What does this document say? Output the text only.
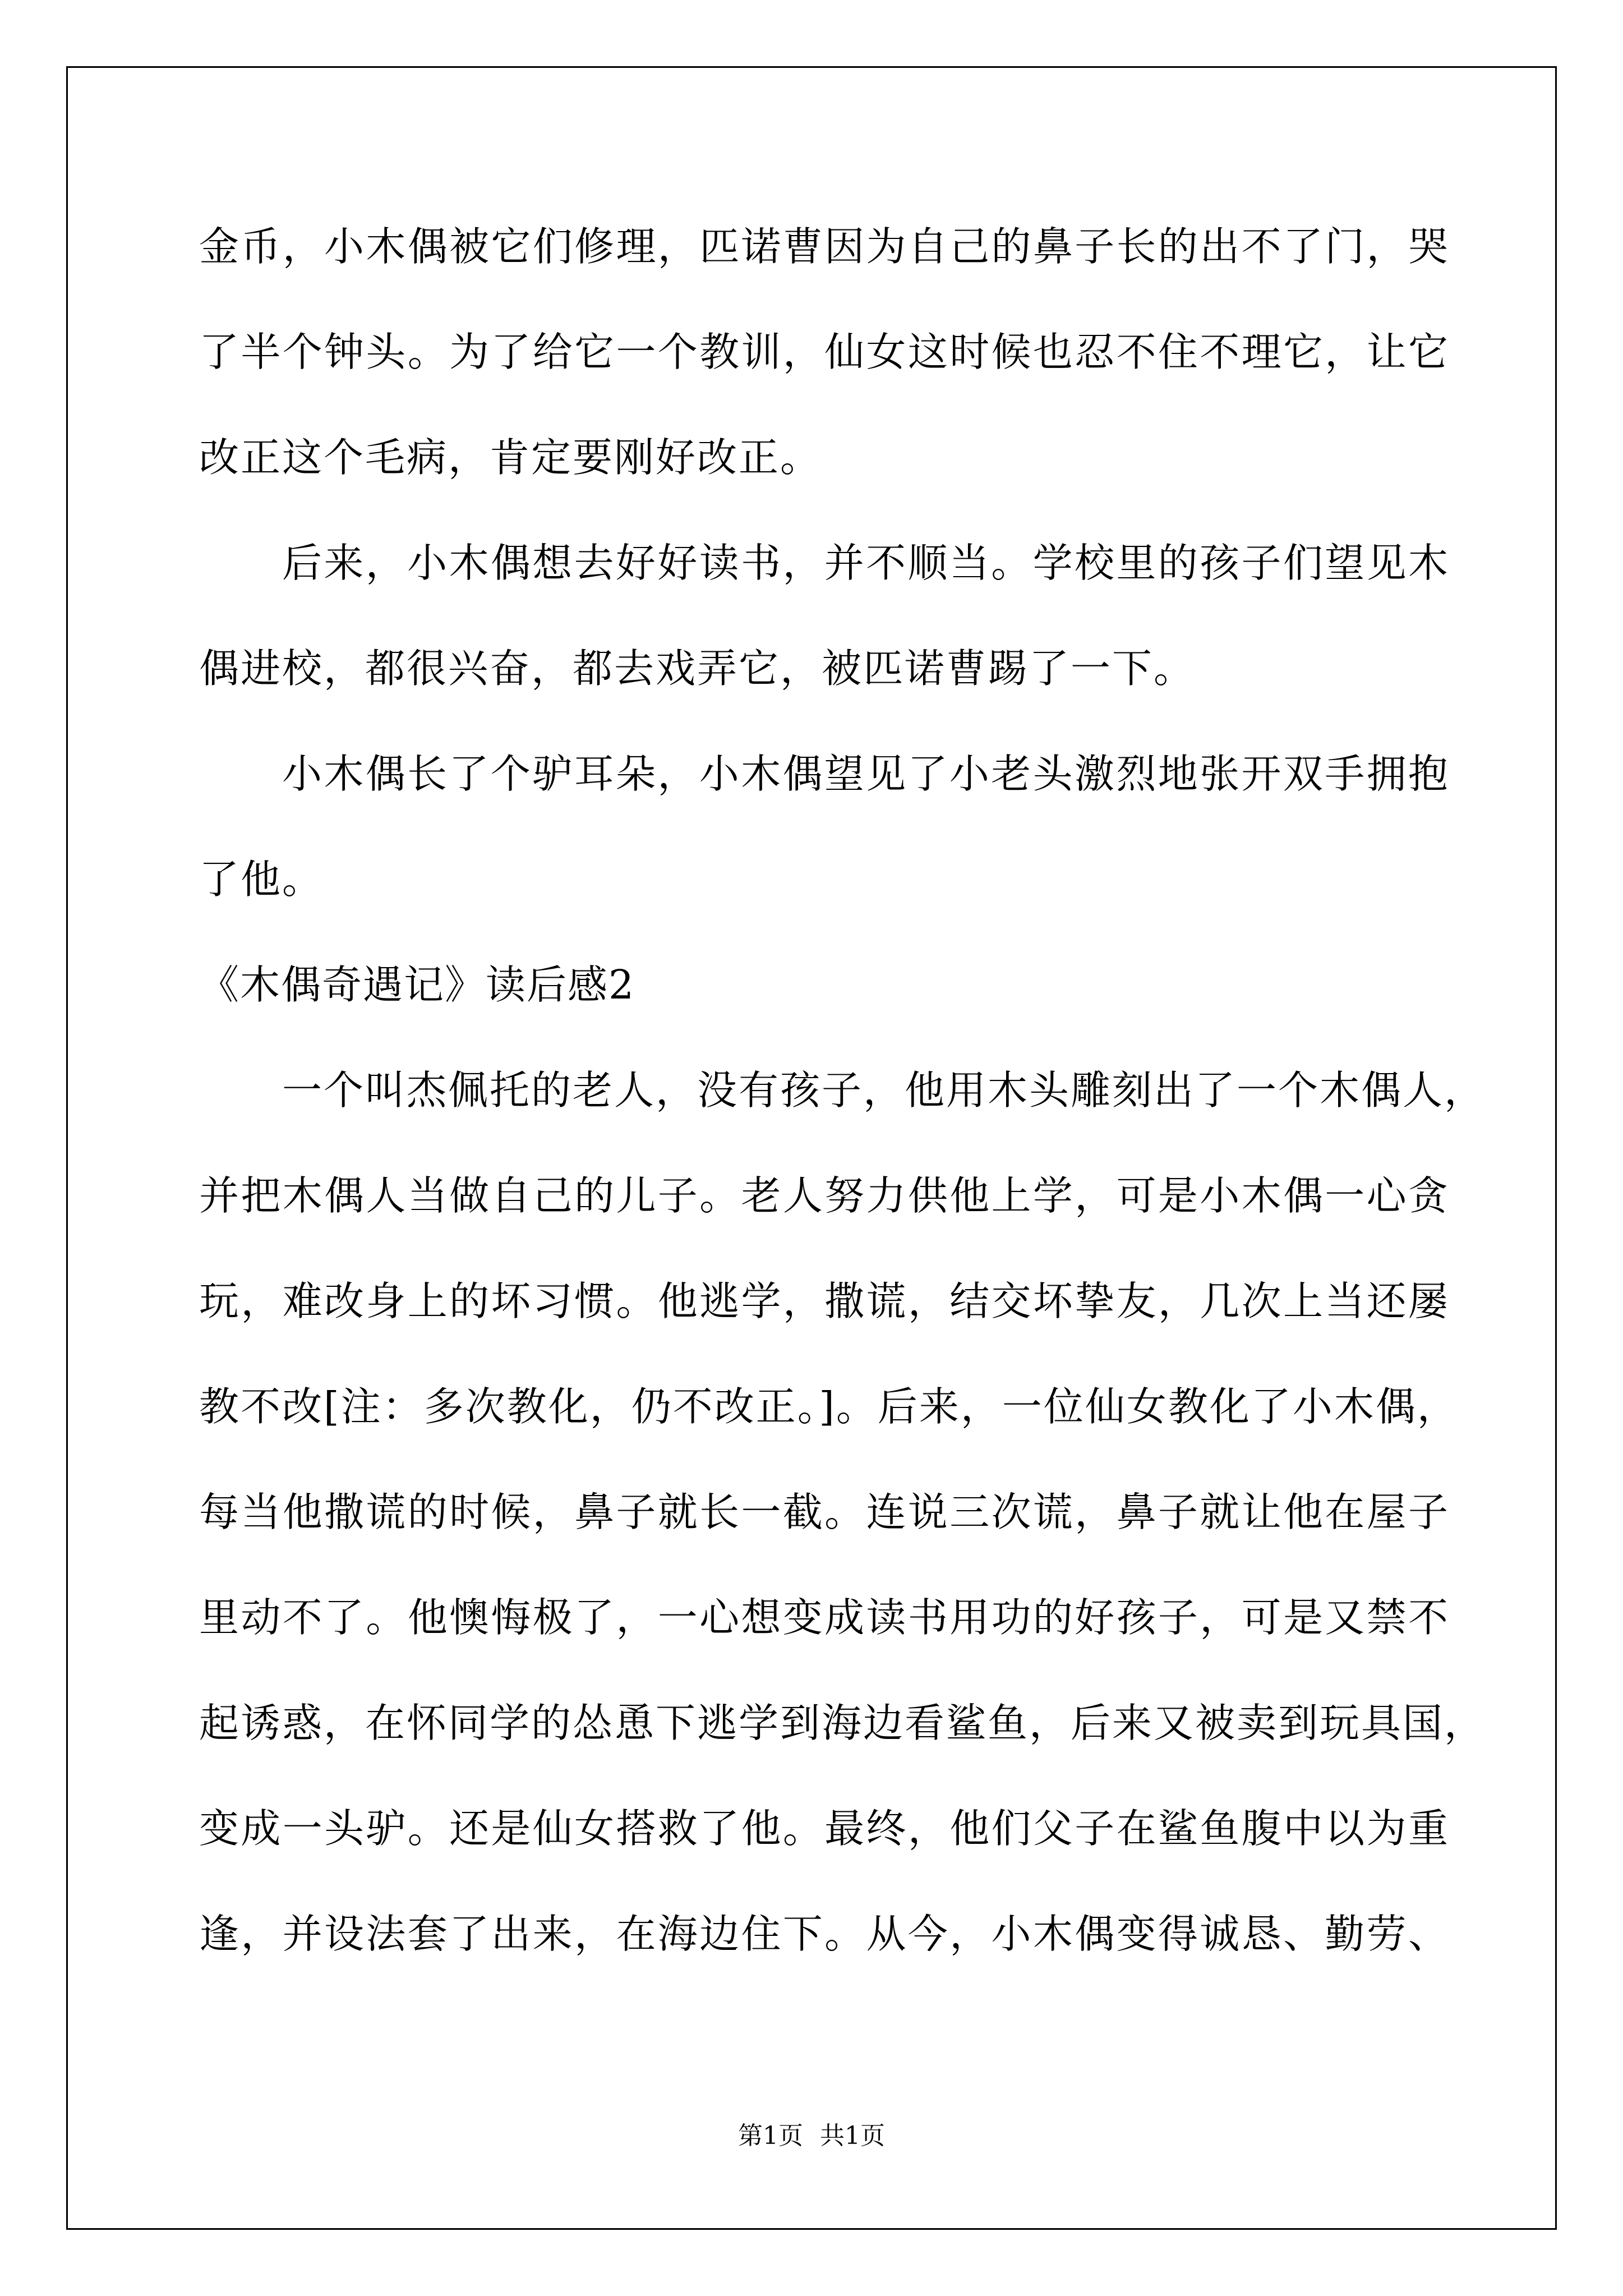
金币，小木偶被它们修理，匹诺曹因为自己的鼻子长的出不了门，哭
了半个钟头。为了给它一个教训，仙女这时候也忍不住不理它，让它
改正这个毛病，肯定要刚好改正。
后来，小木偶想去好好读书，并不顺当。学校里的孩子们望见木
偶进校，都很兴奋，都去戏弄它，被匹诺曹踢了一下。
小木偶长了个驴耳朵，小木偶望见了小老头激烈地张开双手拥抱
了他。
《木偶奇遇记》读后感2
一个叫杰佩托的老人，没有孩子，他用木头雕刻出了一个木偶人，
并把木偶人当做自己的儿子。老人努力供他上学，可是小木偶一心贪
玩，难改身上的坏习惯。他逃学，撒谎，结交坏挚友，几次上当还屡
教不改[注：多次教化，仍不改正。]。后来，一位仙女教化了小木偶，
每当他撒谎的时候，鼻子就长一截。连说三次谎，鼻子就让他在屋子
里动不了。他懊悔极了，一心想变成读书用功的好孩子，可是又禁不
起诱惑，在怀同学的怂恿下逃学到海边看鲨鱼，后来又被卖到玩具国，
变成一头驴。还是仙女搭救了他。最终，他们父子在鲨鱼腹中以为重
逢，并设法套了出来，在海边住下。从今，小木偶变得诚恳、勤劳、
第1页 共1页
